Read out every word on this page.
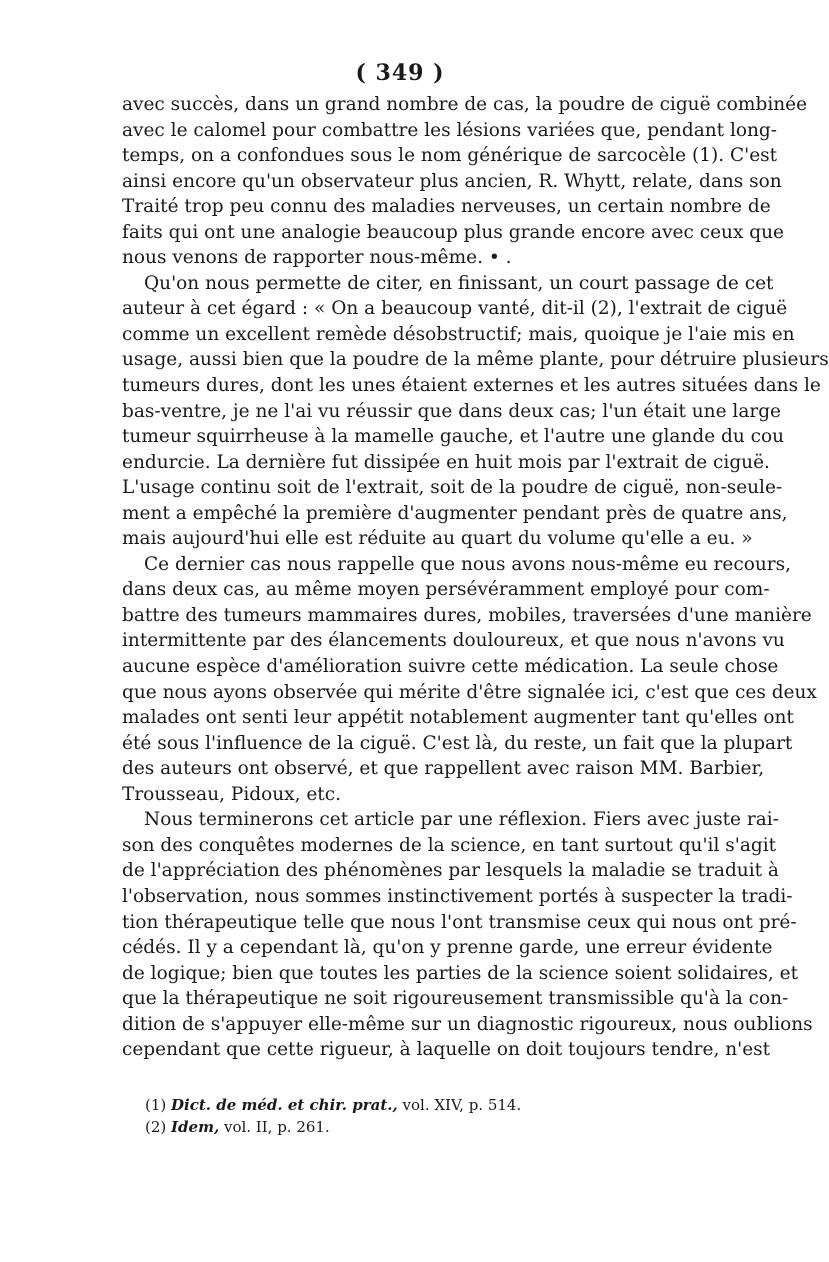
( 349 )
avec succès, dans un grand nombre de cas, la poudre de ciguë combinée
avec le calomel pour combattre les lésions variées que, pendant long-
temps, on a confondues sous le nom générique de sarcocèle (1). C'est
ainsi encore qu'un observateur plus ancien, R. Whytt, relate, dans son
Traité trop peu connu des maladies nerveuses, un certain nombre de
faits qui ont une analogie beaucoup plus grande encore avec ceux que
nous venons de rapporter nous-même. • .
Qu'on nous permette de citer, en finissant, un court passage de cet
auteur à cet égard : « On a beaucoup vanté, dit-il (2), l'extrait de ciguë
comme un excellent remède désobstructif; mais, quoique je l'aie mis en
usage, aussi bien que la poudre de la même plante, pour détruire plusieurs
tumeurs dures, dont les unes étaient externes et les autres situées dans le
bas-ventre, je ne l'ai vu réussir que dans deux cas; l'un était une large
tumeur squirrheuse à la mamelle gauche, et l'autre une glande du cou
endurcie. La dernière fut dissipée en huit mois par l'extrait de ciguë.
L'usage continu soit de l'extrait, soit de la poudre de ciguë, non-seule-
ment a empêché la première d'augmenter pendant près de quatre ans,
mais aujourd'hui elle est réduite au quart du volume qu'elle a eu. »
Ce dernier cas nous rappelle que nous avons nous-même eu recours,
dans deux cas, au même moyen persévéramment employé pour com-
battre des tumeurs mammaires dures, mobiles, traversées d'une manière
intermittente par des élancements douloureux, et que nous n'avons vu
aucune espèce d'amélioration suivre cette médication. La seule chose
que nous ayons observée qui mérite d'être signalée ici, c'est que ces deux
malades ont senti leur appétit notablement augmenter tant qu'elles ont
été sous l'influence de la ciguë. C'est là, du reste, un fait que la plupart
des auteurs ont observé, et que rappellent avec raison MM. Barbier,
Trousseau, Pidoux, etc.
Nous terminerons cet article par une réflexion. Fiers avec juste rai-
son des conquêtes modernes de la science, en tant surtout qu'il s'agit
de l'appréciation des phénomènes par lesquels la maladie se traduit à
l'observation, nous sommes instinctivement portés à suspecter la tradi-
tion thérapeutique telle que nous l'ont transmise ceux qui nous ont pré-
cédés. Il y a cependant là, qu'on y prenne garde, une erreur évidente
de logique; bien que toutes les parties de la science soient solidaires, et
que la thérapeutique ne soit rigoureusement transmissible qu'à la con-
dition de s'appuyer elle-même sur un diagnostic rigoureux, nous oublions
cependant que cette rigueur, à laquelle on doit toujours tendre, n'est
(1) Dict. de méd. et chir. prat., vol. XIV, p. 514.
(2) Idem, vol. II, p. 261.
